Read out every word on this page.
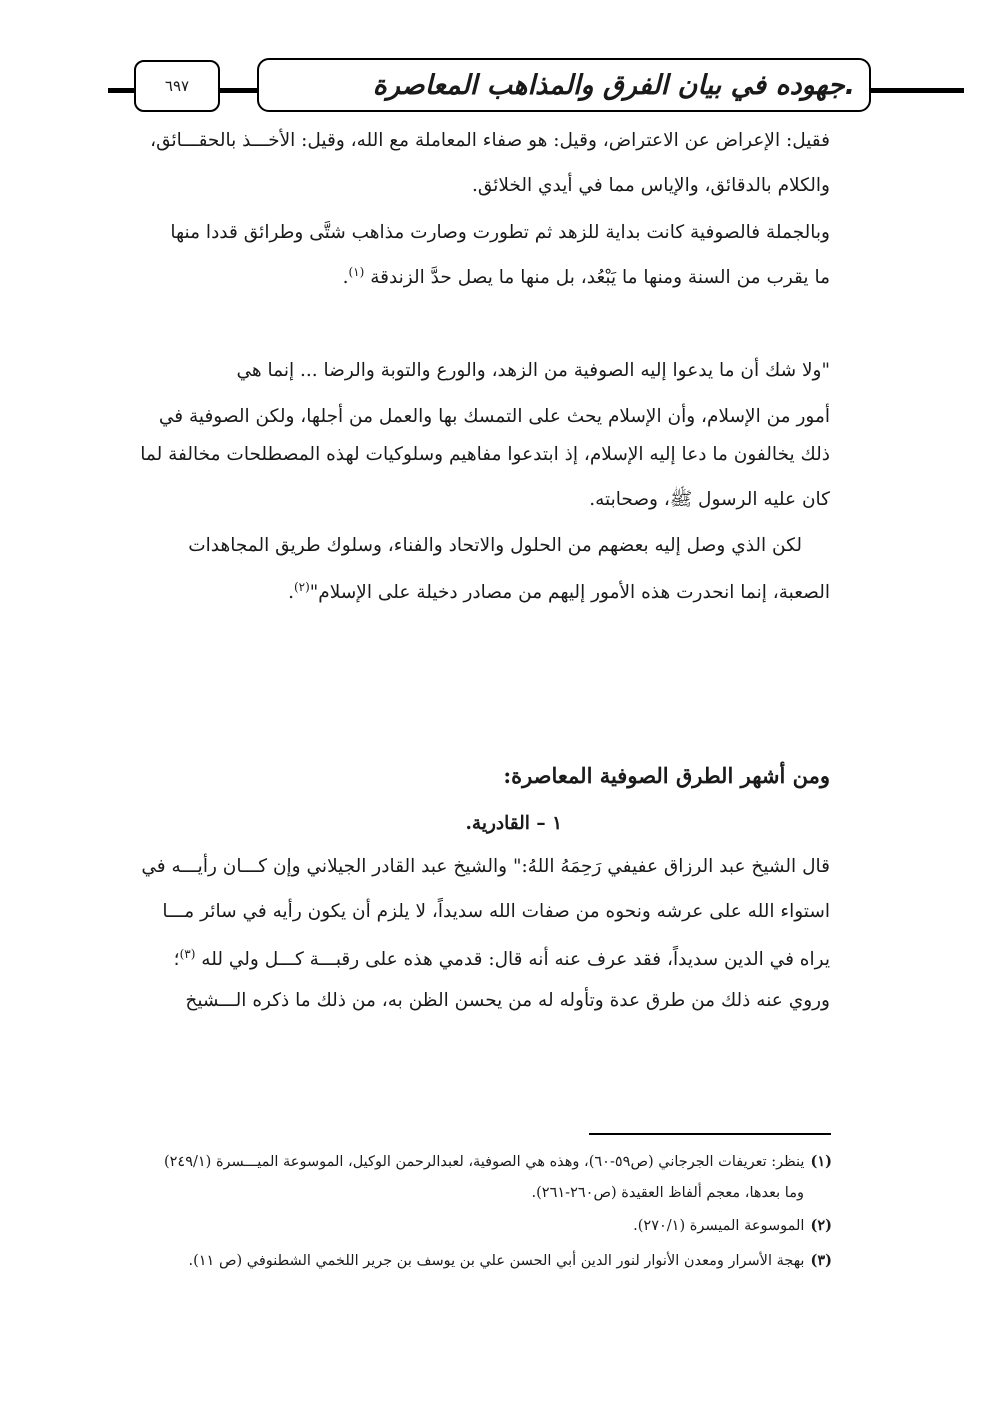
٦٩٧	جهوده في بيان الفرق والمذاهب المعاصرة.
فقيل: الإعراض عن الاعتراض، وقيل: هو صفاء المعاملة مع الله، وقيل: الأخـــذ بالحقـــائق،
والكلام بالدقائق، والإياس مما في أيدي الخلائق.
وبالجملة فالصوفية كانت بداية للزهد ثم تطورت وصارت مذاهب شتَّى وطرائق قددا منها
ما يقرب من السنة ومنها ما يَبْعُد، بل منها ما يصل حدَّ الزندقة $^{(١)}$.
"ولا شك أن ما يدعوا إليه الصوفية من الزهد، والورع والتوبة والرضا ... إنما هي
أمور من الإسلام، وأن الإسلام يحث على التمسك بها والعمل من أجلها، ولكن الصوفية في
ذلك يخالفون ما دعا إليه الإسلام، إذ ابتدعوا مفاهيم وسلوكيات لهذه المصطلحات مخالفة لما
كان عليه الرسول ﷺ، وصحابته.
لكن الذي وصل إليه بعضهم من الحلول والاتحاد والفناء، وسلوك طريق المجاهدات
الصعبة، إنما انحدرت هذه الأمور إليهم من مصادر دخيلة على الإسلام"$^{(٢)}$.
ومن أشهر الطرق الصوفية المعاصرة:
١ – القادرية.
قال الشيخ عبد الرزاق عفيفي رَحِمَهُ اللهُ:" والشيخ عبد القادر الجيلاني وإن كـــان رأيـــه في
استواء الله على عرشه ونحوه من صفات الله سديداً، لا يلزم أن يكون رأيه في سائر مـــا
يراه في الدين سديداً، فقد عرف عنه أنه قال: قدمي هذه على رقبـــة كـــل ولي لله $^{(٣)}$؛
وروي عنه ذلك من طرق عدة وتأوله له من يحسن الظن به، من ذلك ما ذكره الـــشيخ
(١)ينظر: تعريفات الجرجاني (ص٥٩-٦٠)، وهذه هي الصوفية، لعبدالرحمن الوكيل، الموسوعة الميـــسرة (٢٤٩/١)
وما بعدها، معجم ألفاظ العقيدة (ص٢٦٠-٢٦١).
(٢)الموسوعة الميسرة (٢٧٠/١).
(٣)بهجة الأسرار ومعدن الأنوار لنور الدين أبي الحسن علي بن يوسف بن جرير اللخمي الشطنوفي (ص ١١).
